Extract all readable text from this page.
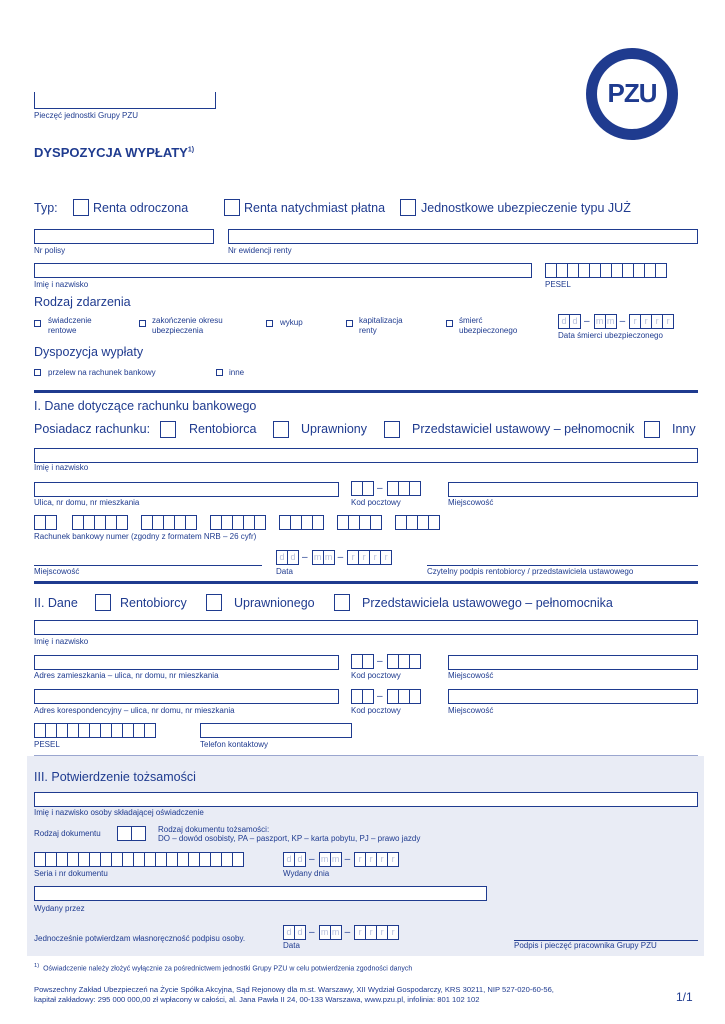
Pieczęć jednostki Grupy PZU
DYSPOZYCJA WYPŁATY$^{1)}$
PZU
Typ:	Renta odroczona	Renta natychmiast płatna	Jednostkowe ubezpieczenie typu JUŻ
Nr polisy	Nr ewidencji renty
Imię i nazwisko	PESEL
Rodzaj zdarzenia
świadczenie
rentowe
zakończenie okresu
ubezpieczenia
wykup	kapitalizacja
renty
śmierć
ubezpieczonego
d d – m m – r r r r
Data śmierci ubezpieczonego
Dyspozycja wypłaty
przelew na rachunek bankowy	inne
I. Dane dotyczące rachunku bankowego
Posiadacz rachunku:	Rentobiorca	Uprawniony	Przedstawiciel ustawowy – pełnomocnik	Inny
Imię i nazwisko
Ulica, nr domu, nr mieszkania
–
Kod pocztowy	Miejscowość
Rachunek bankowy numer (zgodny z formatem NRB – 26 cyfr)
Miejscowość
d d – m m – r r r r
Data	Czytelny podpis rentobiorcy / przedstawiciela ustawowego
II. Dane	Rentobiorcy	Uprawnionego	Przedstawiciela ustawowego – pełnomocnika
Imię i nazwisko
Adres zamieszkania – ulica, nr domu, nr mieszkania
–
Kod pocztowy	Miejscowość
Adres korespondencyjny – ulica, nr domu, nr mieszkania
–
Kod pocztowy	Miejscowość
PESEL	Telefon kontaktowy
III. Potwierdzenie tożsamości
Imię i nazwisko osoby składającej oświadczenie
Rodzaj dokumentu	Rodzaj dokumentu tożsamości:
DO – dowód osobisty, PA – paszport, KP – karta pobytu, PJ – prawo jazdy
Seria i nr dokumentu
d d – m m – r r r r
Wydany dnia
Wydany przez
Jednocześnie potwierdzam własnoręczność podpisu osoby.
d d – m m – r r r r
Data	Podpis i pieczęć pracownika Grupy PZU
$^{1)}$ Oświadczenie należy złożyć wyłącznie za pośrednictwem jednostki Grupy PZU w celu potwierdzenia zgodności danych
Powszechny Zakład Ubezpieczeń na Życie Spółka Akcyjna, Sąd Rejonowy dla m.st. Warszawy, XII Wydział Gospodarczy, KRS 30211, NIP 527-020-60-56,
kapitał zakładowy: 295 000 000,00 zł wpłacony w całości, al. Jana Pawła II 24, 00-133 Warszawa, www.pzu.pl, infolinia: 801 102 102	1/1
